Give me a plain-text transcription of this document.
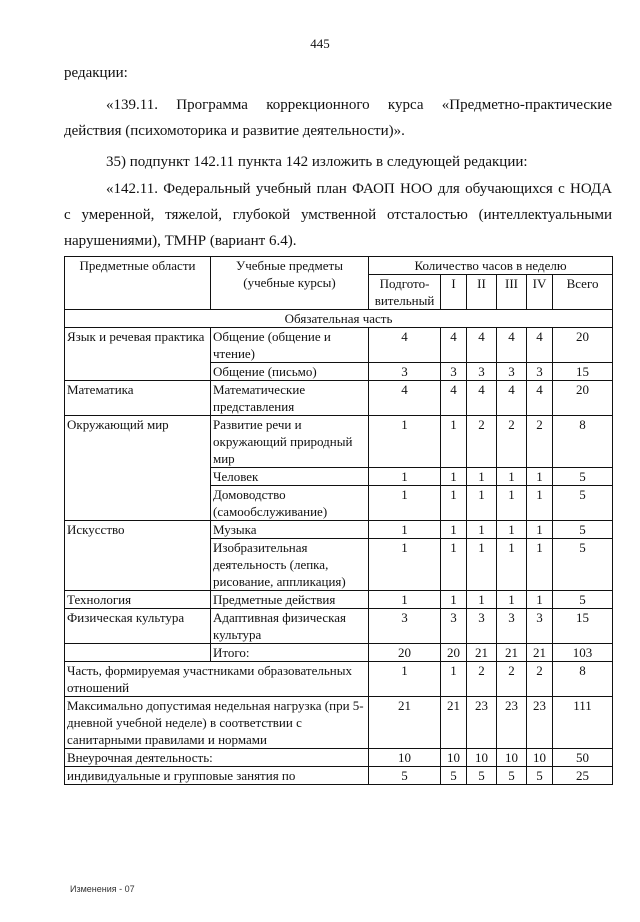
445

редакции:

«139.11. Программа коррекционного курса «Предметно-практические

действия (психомоторика и развитие деятельности)».

35) подпункт 142.11 пункта 142 изложить в следующей редакции:

«142.11. Федеральный учебный план ФАОП НОО для обучающихся с НОДА

с умеренной, тяжелой, глубокой умственной отсталостью (интеллектуальными

нарушениями), ТМНР (вариант 6.4).

Предметные области	Учебные предметы (учебные курсы)	Количество часов в неделю					
		Подгото-вительный	I	II	III	IV	Всего
Обязательная часть							
Язык и речевая практика	Общение (общение и чтение)	4	4	4	4	4	20
	Общение (письмо)	3	3	3	3	3	15
Математика	Математические представления	4	4	4	4	4	20
Окружающий мир	Развитие речи и окружающий природный мир	1	1	2	2	2	8
	Человек	1	1	1	1	1	5
	Домоводство (самообслуживание)	1	1	1	1	1	5
Искусство	Музыка	1	1	1	1	1	5
	Изобразительная деятельность (лепка, рисование, аппликация)	1	1	1	1	1	5
Технология	Предметные действия	1	1	1	1	1	5
Физическая культура	Адаптивная физическая культура	3	3	3	3	3	15
	Итого:	20	20	21	21	21	103
Часть, формируемая участниками образовательных отношений		1	1	2	2	2	8
Максимально допустимая недельная нагрузка (при 5-дневной учебной неделе) в соответствии с санитарными правилами и нормами		21	21	23	23	23	111
Внеурочная деятельность:		10	10	10	10	10	50
индивидуальные и групповые занятия по		5	5	5	5	5	25
Изменения - 07
